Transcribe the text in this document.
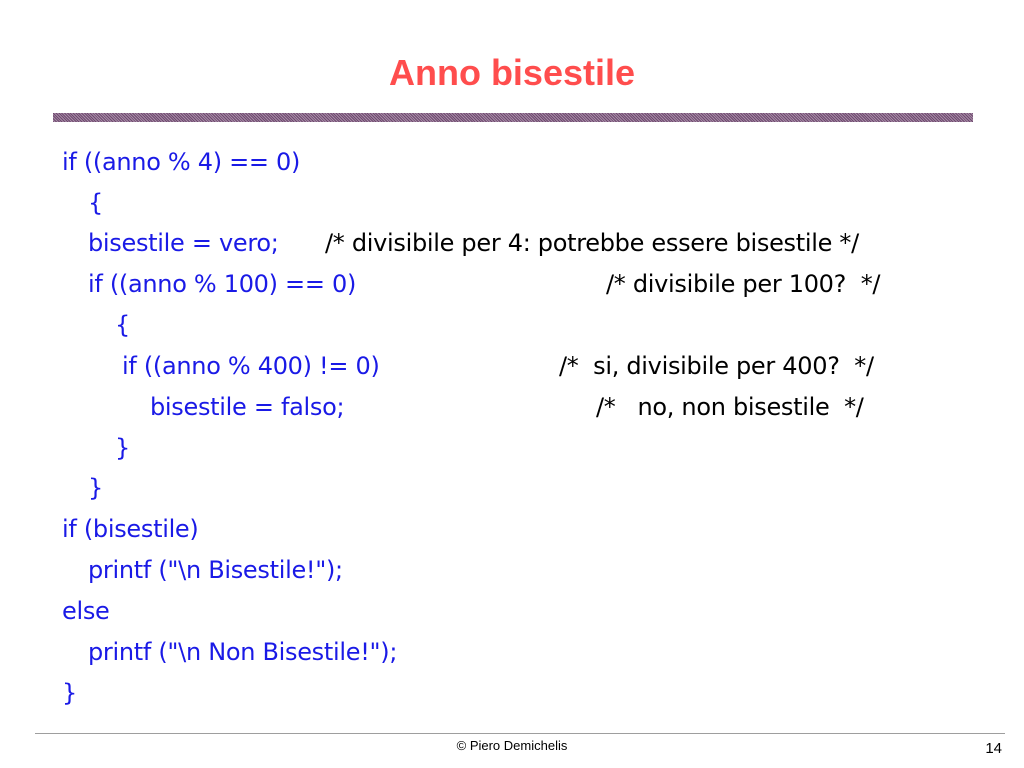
Anno bisestile
if ((anno % 4) == 0)
{
bisestile = vero;
if ((anno % 100) == 0)
{
if ((anno % 400) != 0)
bisestile = falso;
}
}
if (bisestile)
printf ("\n Bisestile!");
else
printf ("\n Non Bisestile!");
}
/* divisibile per 4: potrebbe essere bisestile */
/* divisibile per 100?  */
/*  si, divisibile per 400?  */
/*   no, non bisestile  */
© Piero Demichelis	14
